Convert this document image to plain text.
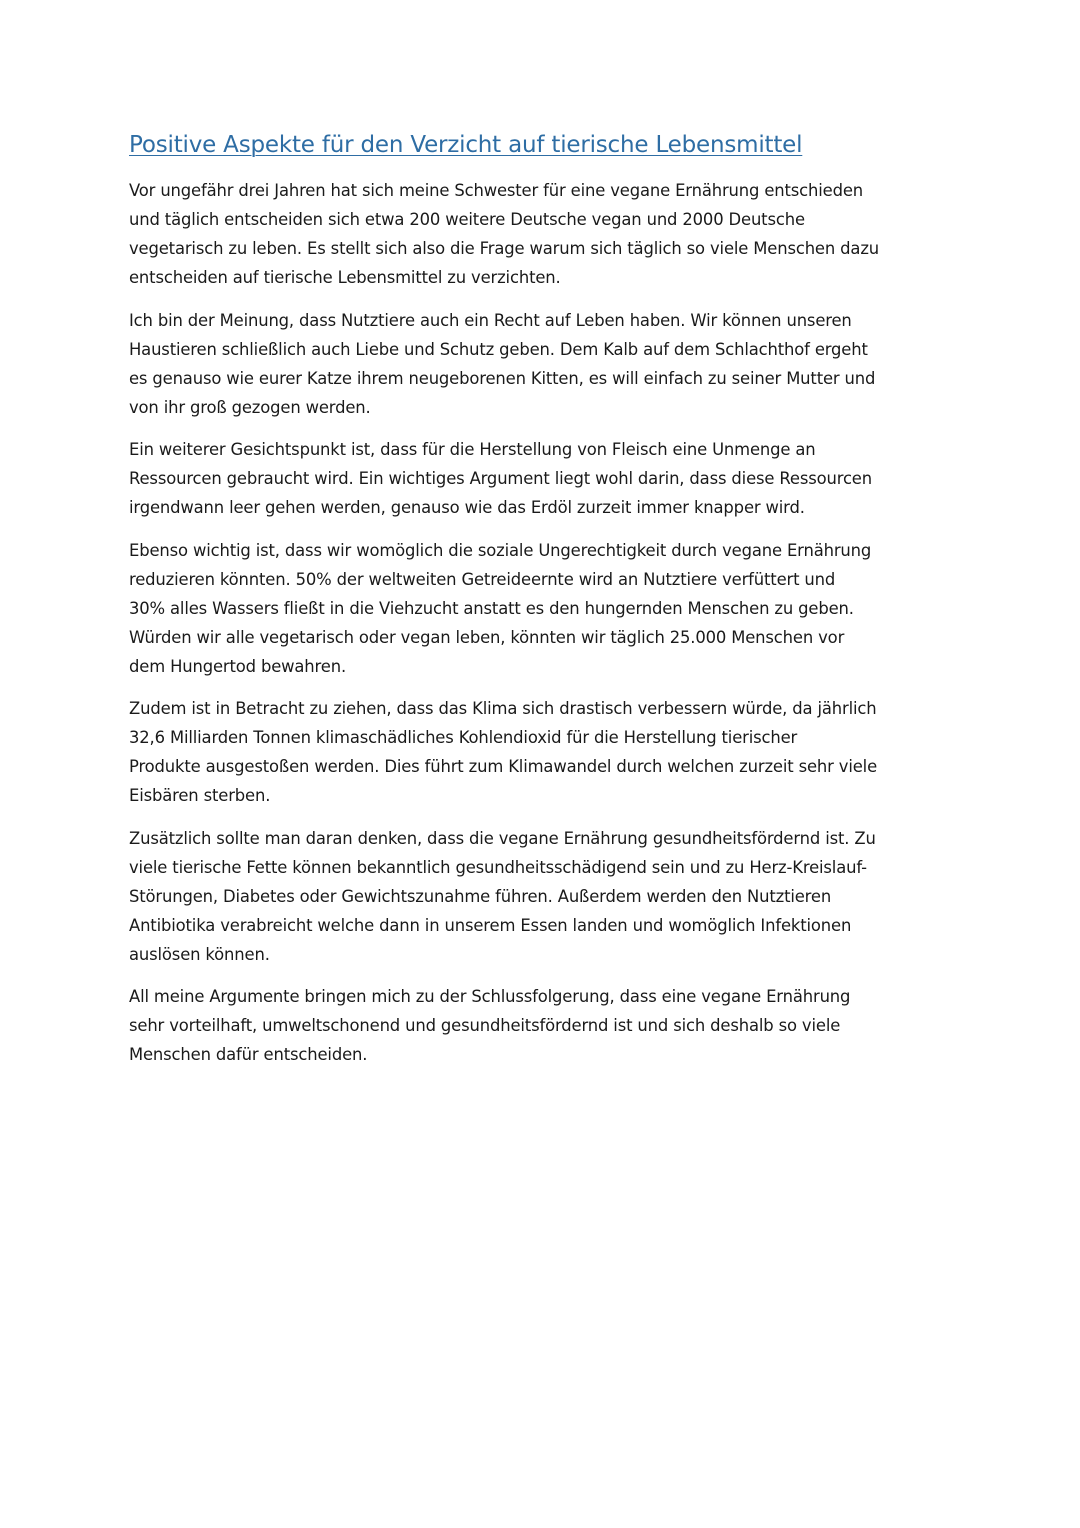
Positive Aspekte für den Verzicht auf tierische Lebensmittel

Vor ungefähr drei Jahren hat sich meine Schwester für eine vegane Ernährung entschieden
und täglich entscheiden sich etwa 200 weitere Deutsche vegan und 2000 Deutsche
vegetarisch zu leben. Es stellt sich also die Frage warum sich täglich so viele Menschen dazu
entscheiden auf tierische Lebensmittel zu verzichten.

Ich bin der Meinung, dass Nutztiere auch ein Recht auf Leben haben. Wir können unseren
Haustieren schließlich auch Liebe und Schutz geben. Dem Kalb auf dem Schlachthof ergeht
es genauso wie eurer Katze ihrem neugeborenen Kitten, es will einfach zu seiner Mutter und
von ihr groß gezogen werden.

Ein weiterer Gesichtspunkt ist, dass für die Herstellung von Fleisch eine Unmenge an
Ressourcen gebraucht wird. Ein wichtiges Argument liegt wohl darin, dass diese Ressourcen
irgendwann leer gehen werden, genauso wie das Erdöl zurzeit immer knapper wird.

Ebenso wichtig ist, dass wir womöglich die soziale Ungerechtigkeit durch vegane Ernährung
reduzieren könnten. 50% der weltweiten Getreideernte wird an Nutztiere verfüttert und
30% alles Wassers fließt in die Viehzucht anstatt es den hungernden Menschen zu geben.
Würden wir alle vegetarisch oder vegan leben, könnten wir täglich 25.000 Menschen vor
dem Hungertod bewahren.

Zudem ist in Betracht zu ziehen, dass das Klima sich drastisch verbessern würde, da jährlich
32,6 Milliarden Tonnen klimaschädliches Kohlendioxid für die Herstellung tierischer
Produkte ausgestoßen werden. Dies führt zum Klimawandel durch welchen zurzeit sehr viele
Eisbären sterben.

Zusätzlich sollte man daran denken, dass die vegane Ernährung gesundheitsfördernd ist. Zu
viele tierische Fette können bekanntlich gesundheitsschädigend sein und zu Herz-Kreislauf-
Störungen, Diabetes oder Gewichtszunahme führen. Außerdem werden den Nutztieren
Antibiotika verabreicht welche dann in unserem Essen landen und womöglich Infektionen
auslösen können.

All meine Argumente bringen mich zu der Schlussfolgerung, dass eine vegane Ernährung
sehr vorteilhaft, umweltschonend und gesundheitsfördernd ist und sich deshalb so viele
Menschen dafür entscheiden.
